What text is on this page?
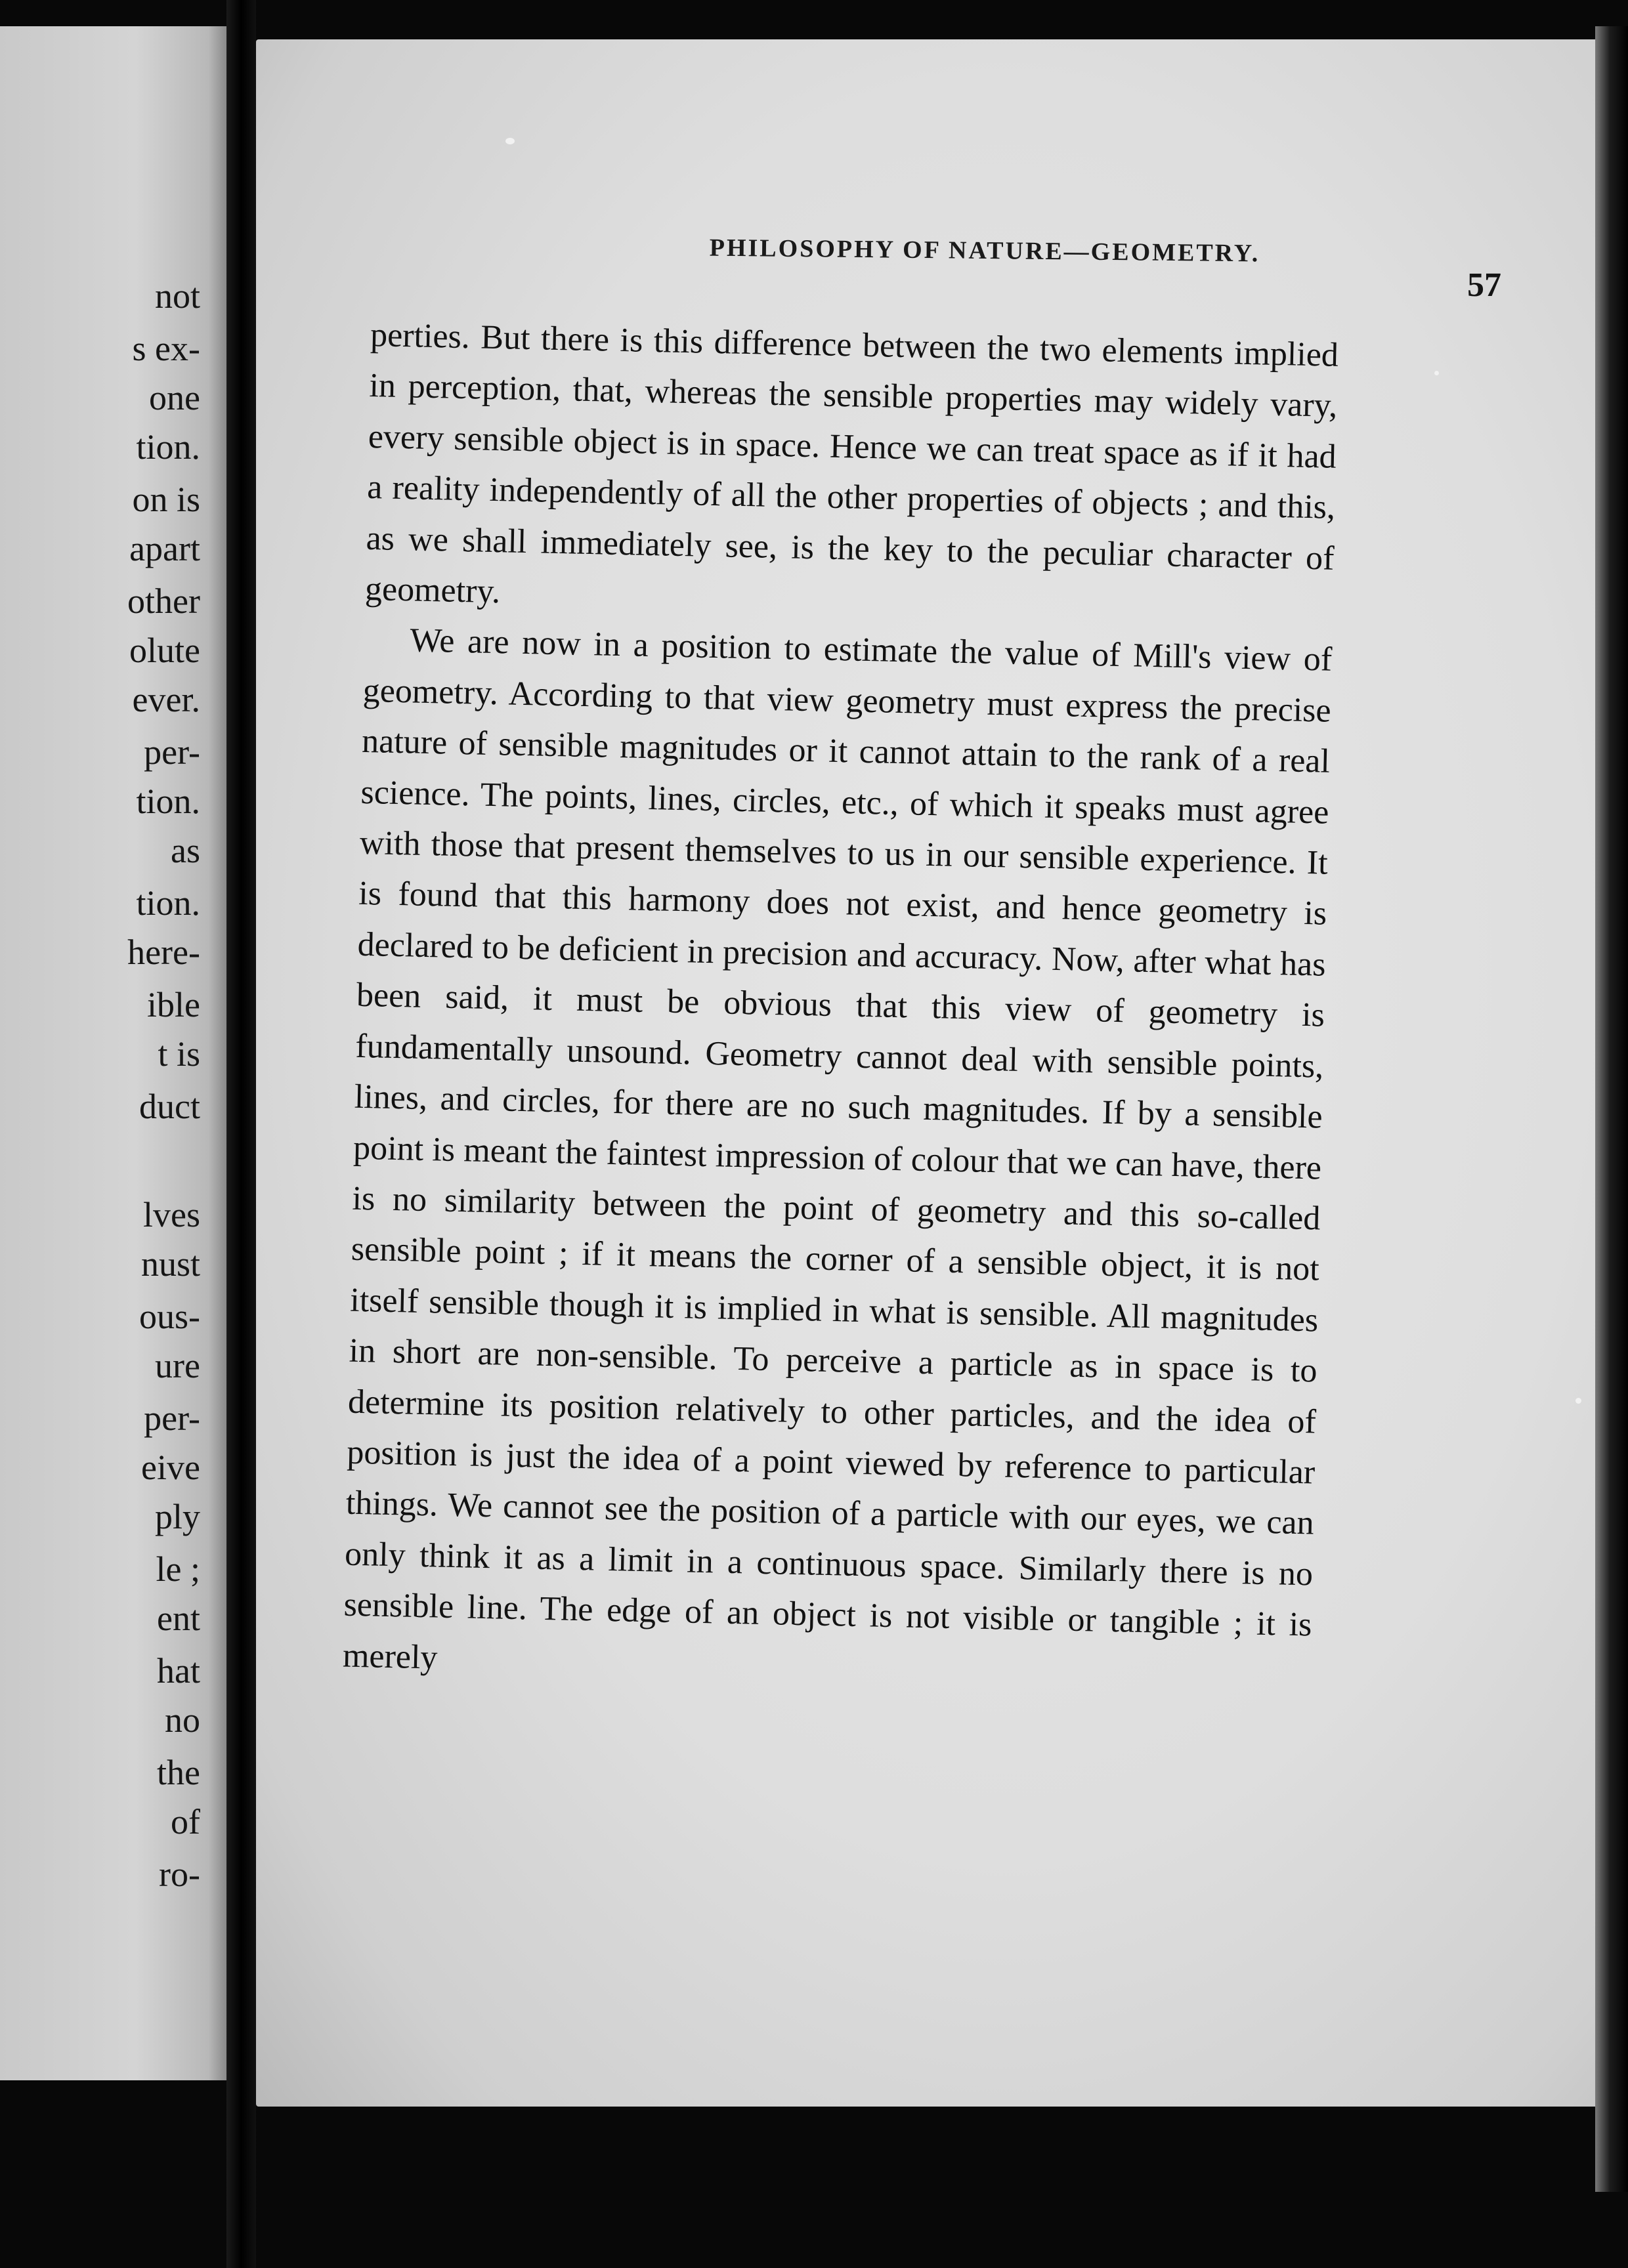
not
s ex-
one
tion.
on is
apart
other
olute
ever.
per-
tion.
as
tion.
here-
ible
t is
duct
lves
nust
ous-
ure
per-
eive
ply
le ;
ent
hat
no
the
of
ro-
PHILOSOPHY OF NATURE—GEOMETRY.
57

perties. But there is this difference between the two elements implied in perception, that, whereas the sensible properties may widely vary, every sensible object is in space. Hence we can treat space as if it had a reality independently of all the other properties of objects ; and this, as we shall immediately see, is the key to the peculiar character of geometry.

We are now in a position to estimate the value of Mill's view of geometry. According to that view geometry must express the precise nature of sensible magnitudes or it cannot attain to the rank of a real science. The points, lines, circles, etc., of which it speaks must agree with those that present themselves to us in our sensible experience. It is found that this harmony does not exist, and hence geometry is declared to be deficient in precision and accuracy. Now, after what has been said, it must be obvious that this view of geometry is fundamentally unsound. Geometry cannot deal with sensible points, lines, and circles, for there are no such magnitudes. If by a sensible point is meant the faintest impression of colour that we can have, there is no similarity between the point of geometry and this so-called sensible point ; if it means the corner of a sensible object, it is not itself sensible though it is implied in what is sensible. All magnitudes in short are non-sensible. To perceive a particle as in space is to determine its position relatively to other particles, and the idea of position is just the idea of a point viewed by reference to particular things. We cannot see the position of a particle with our eyes, we can only think it as a limit in a continuous space. Similarly there is no sensible line. The edge of an object is not visible or tangible ; it is merely
